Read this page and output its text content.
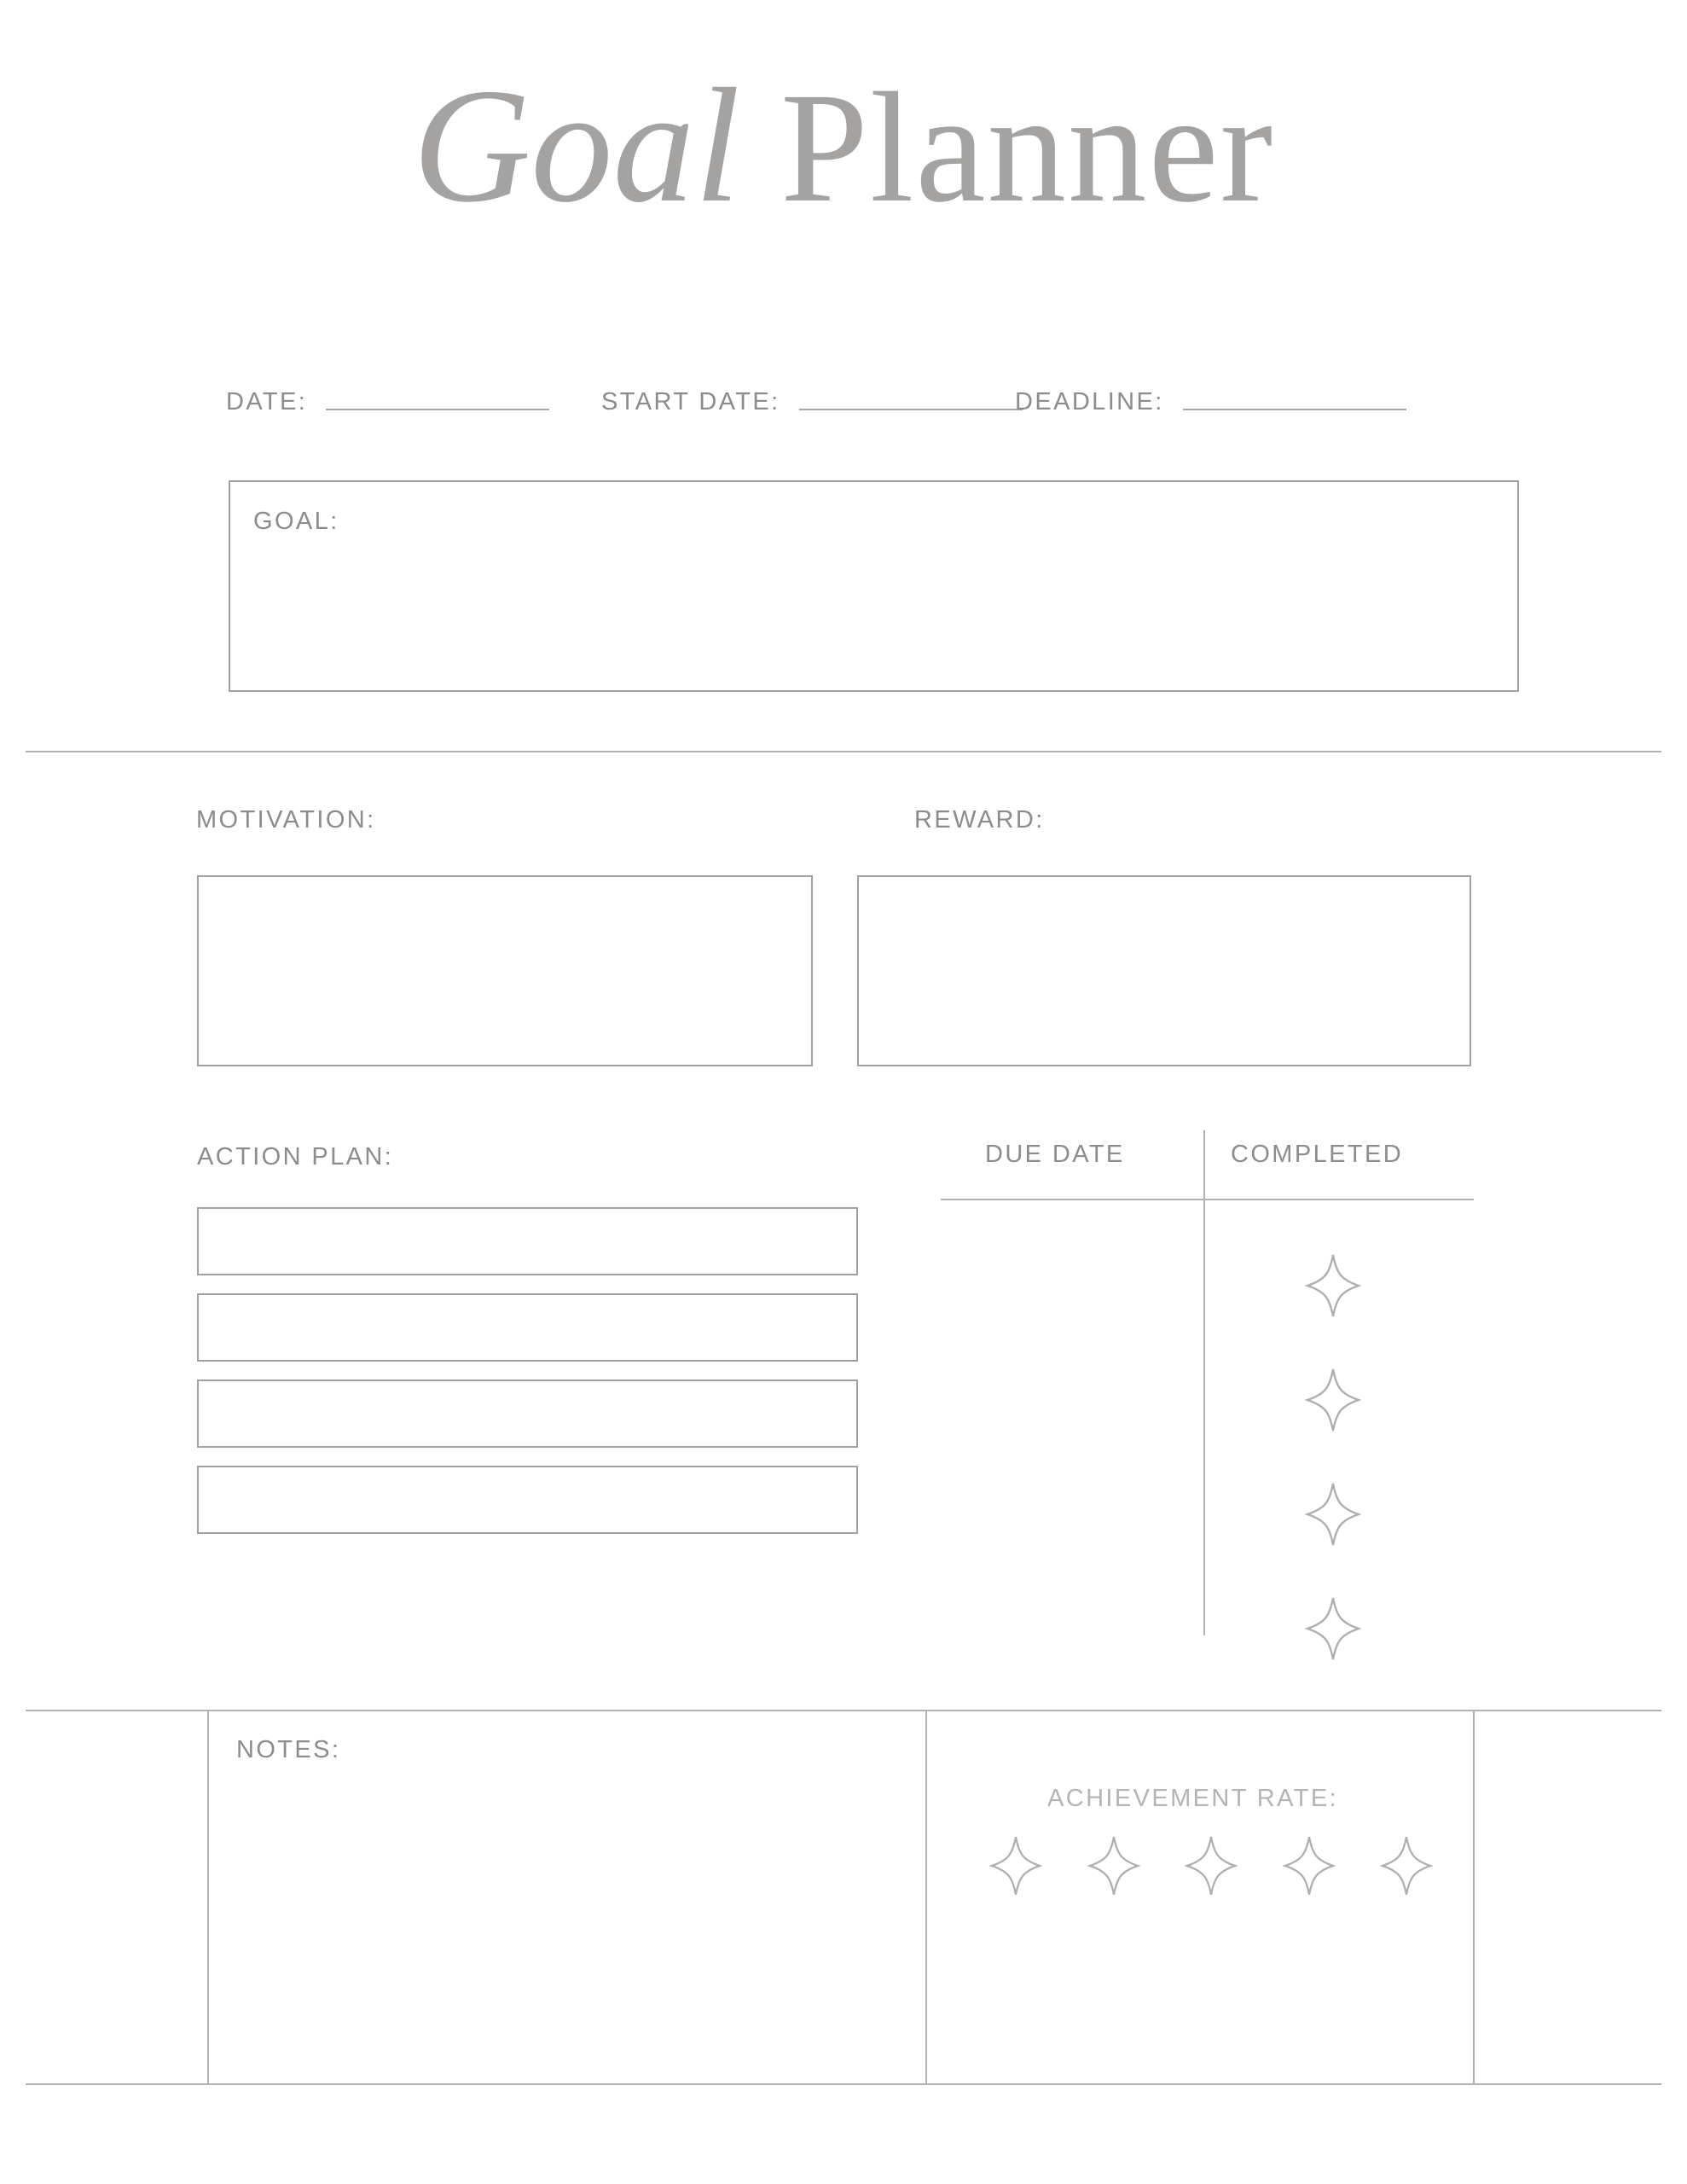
Goal Planner
DATE:	START DATE:	DEADLINE:
GOAL:
MOTIVATION:	REWARD:
ACTION PLAN:	DUE DATE	COMPLETED
NOTES:
ACHIEVEMENT RATE:
